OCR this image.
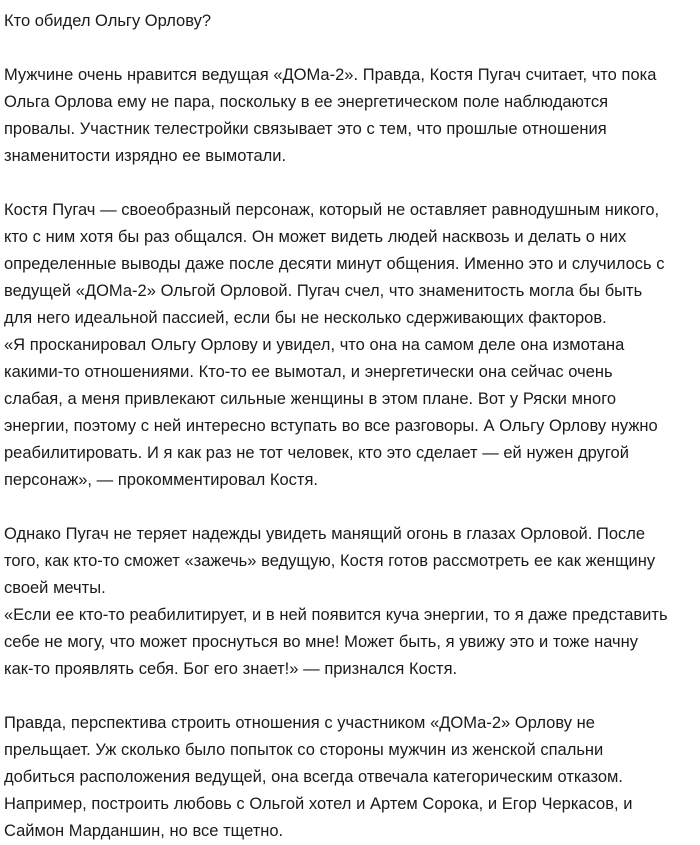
Кто обидел Ольгу Орлову?

Мужчине очень нравится ведущая «ДОМа-2». Правда, Костя Пугач считает, что пока Ольга Орлова ему не пара, поскольку в ее энергетическом поле наблюдаются провалы. Участник телестройки связывает это с тем, что прошлые отношения знаменитости изрядно ее вымотали.

Костя Пугач — своеобразный персонаж, который не оставляет равнодушным никого, кто с ним хотя бы раз общался. Он может видеть людей насквозь и делать о них определенные выводы даже после десяти минут общения. Именно это и случилось с ведущей «ДОМа-2» Ольгой Орловой. Пугач счел, что знаменитость могла бы быть для него идеальной пассией, если бы не несколько сдерживающих факторов.

«Я просканировал Ольгу Орлову и увидел, что она на самом деле она измотана какими-то отношениями. Кто-то ее вымотал, и энергетически она сейчас очень слабая, а меня привлекают сильные женщины в этом плане. Вот у Ряски много энергии, поэтому с ней интересно вступать во все разговоры. А Ольгу Орлову нужно реабилитировать. И я как раз не тот человек, кто это сделает — ей нужен другой персонаж», — прокомментировал Костя.

Однако Пугач не теряет надежды увидеть манящий огонь в глазах Орловой. После того, как кто-то сможет «зажечь» ведущую, Костя готов рассмотреть ее как женщину своей мечты.

«Если ее кто-то реабилитирует, и в ней появится куча энергии, то я даже представить себе не могу, что может проснуться во мне! Может быть, я увижу это и тоже начну как-то проявлять себя. Бог его знает!» — признался Костя.

Правда, перспектива строить отношения с участником «ДОМа-2» Орлову не прельщает. Уж сколько было попыток со стороны мужчин из женской спальни добиться расположения ведущей, она всегда отвечала категорическим отказом. Например, построить любовь с Ольгой хотел и Артем Сорока, и Егор Черкасов, и Саймон Марданшин, но все тщетно.
